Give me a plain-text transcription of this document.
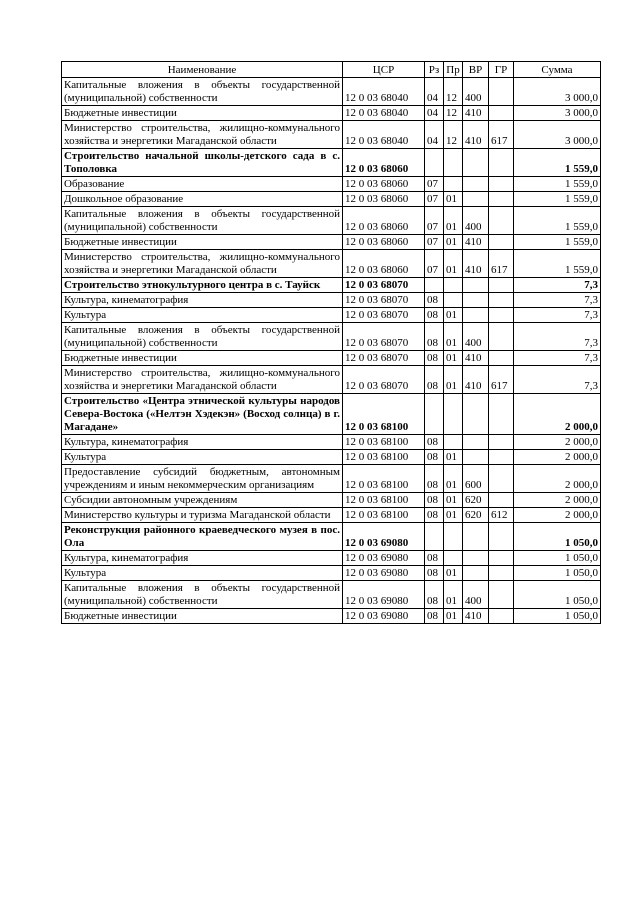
Наименование	ЦСР	Рз	Пр	ВР	ГР	Сумма
Капитальные вложения в объекты государственной (муниципальной) собственности	12 0 03 68040	04	12	400		3 000,0
Бюджетные инвестиции	12 0 03 68040	04	12	410		3 000,0
Министерство строительства, жилищно-коммунального хозяйства и энергетики Магаданской области	12 0 03 68040	04	12	410	617	3 000,0
Строительство начальной школы-детского сада в с. Тополовка	12 0 03 68060					1 559,0
Образование	12 0 03 68060	07				1 559,0
Дошкольное образование	12 0 03 68060	07	01			1 559,0
Капитальные вложения в объекты государственной (муниципальной) собственности	12 0 03 68060	07	01	400		1 559,0
Бюджетные инвестиции	12 0 03 68060	07	01	410		1 559,0
Министерство строительства, жилищно-коммунального хозяйства и энергетики Магаданской области	12 0 03 68060	07	01	410	617	1 559,0
Строительство этнокультурного центра в с. Тауйск	12 0 03 68070					7,3
Культура, кинематография	12 0 03 68070	08				7,3
Культура	12 0 03 68070	08	01			7,3
Капитальные вложения в объекты государственной (муниципальной) собственности	12 0 03 68070	08	01	400		7,3
Бюджетные инвестиции	12 0 03 68070	08	01	410		7,3
Министерство строительства, жилищно-коммунального хозяйства и энергетики Магаданской области	12 0 03 68070	08	01	410	617	7,3
Строительство «Центра этнической культуры народов Севера-Востока («Нелтэн Хэдекэн» (Восход солнца) в г. Магадане»	12 0 03 68100					2 000,0
Культура, кинематография	12 0 03 68100	08				2 000,0
Культура	12 0 03 68100	08	01			2 000,0
Предоставление субсидий бюджетным, автономным учреждениям и иным некоммерческим организациям	12 0 03 68100	08	01	600		2 000,0
Субсидии автономным учреждениям	12 0 03 68100	08	01	620		2 000,0
Министерство культуры и туризма Магаданской области	12 0 03 68100	08	01	620	612	2 000,0
Реконструкция районного краеведческого музея в пос. Ола	12 0 03 69080					1 050,0
Культура, кинематография	12 0 03 69080	08				1 050,0
Культура	12 0 03 69080	08	01			1 050,0
Капитальные вложения в объекты государственной (муниципальной) собственности	12 0 03 69080	08	01	400		1 050,0
Бюджетные инвестиции	12 0 03 69080	08	01	410		1 050,0
